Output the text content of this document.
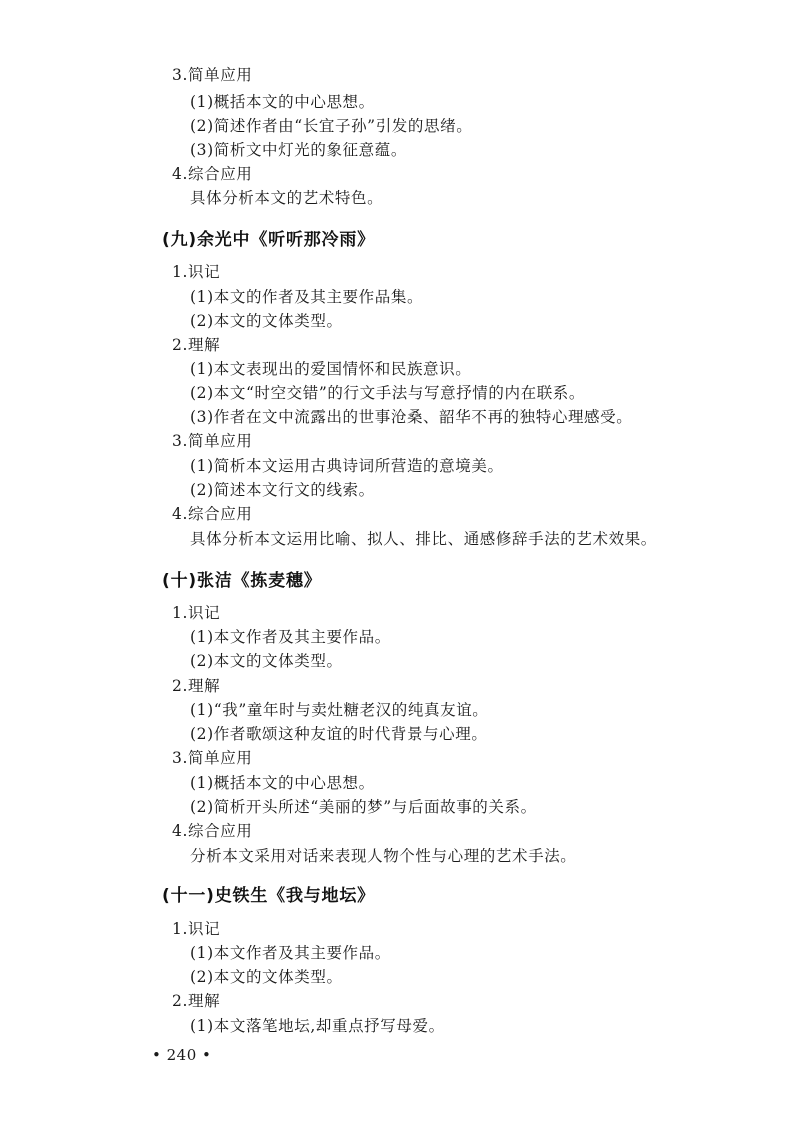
3.简单应用
(1)概括本文的中心思想。
(2)简述作者由“长宜子孙”引发的思绪。
(3)简析文中灯光的象征意蕴。
4.综合应用
具体分析本文的艺术特色。
(九)余光中《听听那冷雨》
1.识记
(1)本文的作者及其主要作品集。
(2)本文的文体类型。
2.理解
(1)本文表现出的爱国情怀和民族意识。
(2)本文“时空交错”的行文手法与写意抒情的内在联系。
(3)作者在文中流露出的世事沧桑、韶华不再的独特心理感受。
3.简单应用
(1)简析本文运用古典诗词所营造的意境美。
(2)简述本文行文的线索。
4.综合应用
具体分析本文运用比喻、拟人、排比、通感修辞手法的艺术效果。
(十)张洁《拣麦穗》
1.识记
(1)本文作者及其主要作品。
(2)本文的文体类型。
2.理解
(1)“我”童年时与卖灶糖老汉的纯真友谊。
(2)作者歌颂这种友谊的时代背景与心理。
3.简单应用
(1)概括本文的中心思想。
(2)简析开头所述“美丽的梦”与后面故事的关系。
4.综合应用
分析本文采用对话来表现人物个性与心理的艺术手法。
(十一)史铁生《我与地坛》
1.识记
(1)本文作者及其主要作品。
(2)本文的文体类型。
2.理解
(1)本文落笔地坛,却重点抒写母爱。
• 240 •
